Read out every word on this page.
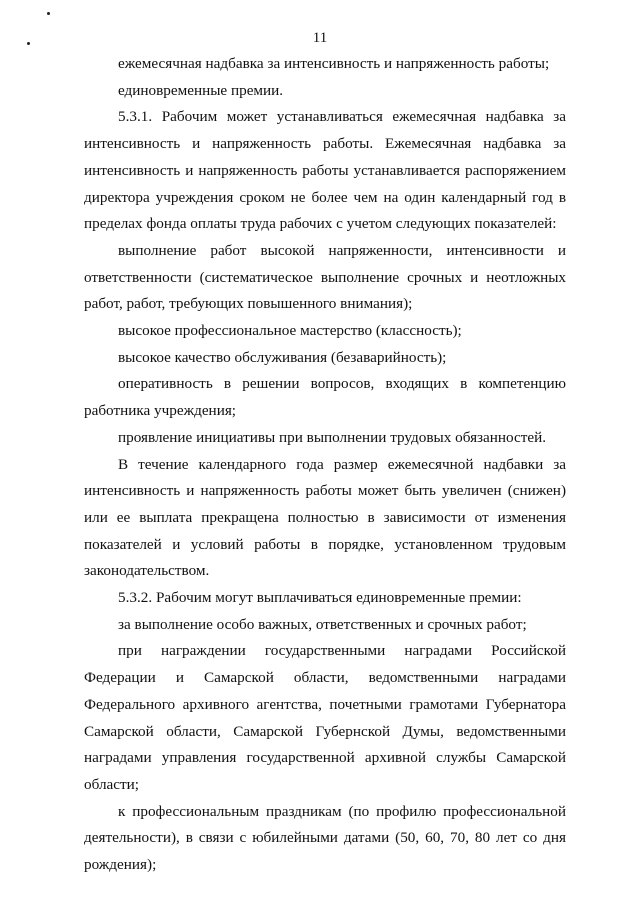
11

ежемесячная надбавка за интенсивность и напряженность работы;

единовременные премии.

5.3.1. Рабочим может устанавливаться ежемесячная надбавка за интенсивность и напряженность работы. Ежемесячная надбавка за интенсивность и напряженность работы устанавливается распоряжением директора учреждения сроком не более чем на один календарный год в пределах фонда оплаты труда рабочих с учетом следующих показателей:

выполнение работ высокой напряженности, интенсивности и ответственности (систематическое выполнение срочных и неотложных работ, работ, требующих повышенного внимания);

высокое профессиональное мастерство (классность);

высокое качество обслуживания (безаварийность);

оперативность в решении вопросов, входящих в компетенцию работника учреждения;

проявление инициативы при выполнении трудовых обязанностей.

В течение календарного года размер ежемесячной надбавки за интенсивность и напряженность работы может быть увеличен (снижен) или ее выплата прекращена полностью в зависимости от изменения показателей и условий работы в порядке, установленном трудовым законодательством.

5.3.2. Рабочим могут выплачиваться единовременные премии:

за выполнение особо важных, ответственных и срочных работ;

при награждении государственными наградами Российской Федерации и Самарской области, ведомственными наградами Федерального архивного агентства, почетными грамотами Губернатора Самарской области, Самарской Губернской Думы, ведомственными наградами управления государственной архивной службы Самарской области;

к профессиональным праздникам (по профилю профессиональной деятельности), в связи с юбилейными датами (50, 60, 70, 80 лет со дня рождения);
